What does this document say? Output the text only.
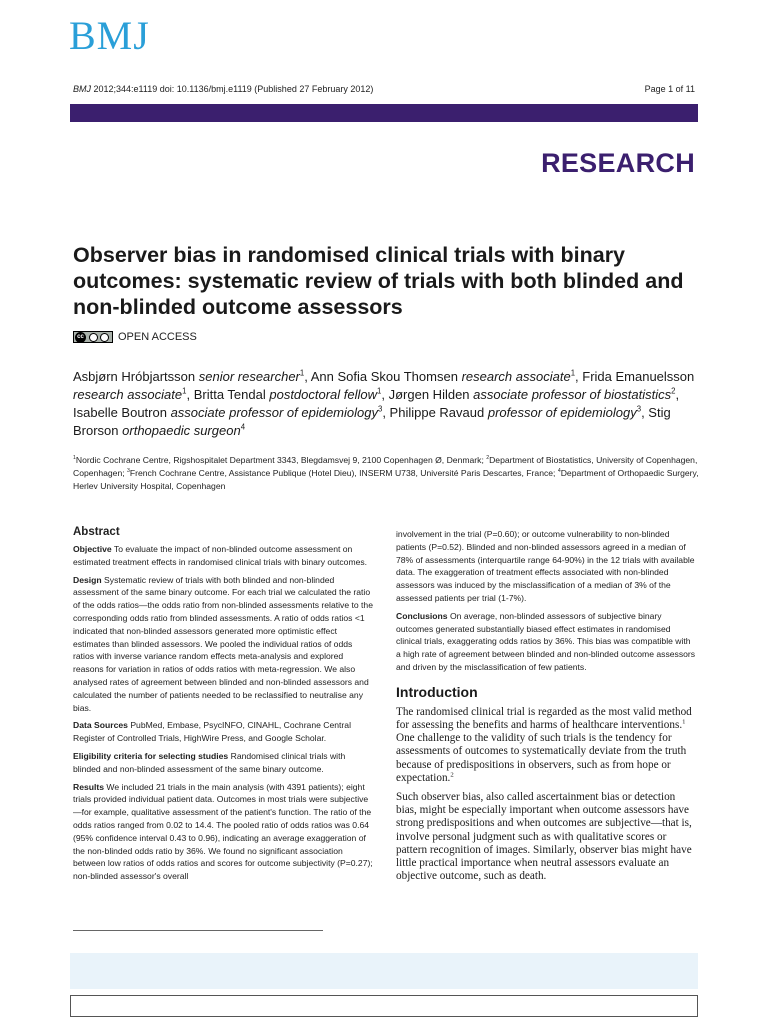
BMJ
BMJ 2012;344:e1119 doi: 10.1136/bmj.e1119 (Published 27 February 2012)	Page 1 of 11
RESEARCH
Observer bias in randomised clinical trials with binary outcomes: systematic review of trials with both blinded and non-blinded outcome assessors
cc	OPEN ACCESS
Asbjørn Hróbjartsson senior researcher$^1$, Ann Sofia Skou Thomsen research associate$^1$, Frida Emanuelsson research associate$^1$, Britta Tendal postdoctoral fellow$^1$, Jørgen Hilden associate professor of biostatistics$^2$, Isabelle Boutron associate professor of epidemiology$^3$, Philippe Ravaud professor of epidemiology$^3$, Stig Brorson orthopaedic surgeon$^4$
$^1$Nordic Cochrane Centre, Rigshospitalet Department 3343, Blegdamsvej 9, 2100 Copenhagen Ø, Denmark; $^2$Department of Biostatistics, University of Copenhagen, Copenhagen; $^3$French Cochrane Centre, Assistance Publique (Hotel Dieu), INSERM U738, Université Paris Descartes, France; $^4$Department of Orthopaedic Surgery, Herlev University Hospital, Copenhagen
Abstract

Objective To evaluate the impact of non-blinded outcome assessment on estimated treatment effects in randomised clinical trials with binary outcomes.

Design Systematic review of trials with both blinded and non-blinded assessment of the same binary outcome. For each trial we calculated the ratio of the odds ratios—the odds ratio from non-blinded assessments relative to the corresponding odds ratio from blinded assessments. A ratio of odds ratios <1 indicated that non-blinded assessors generated more optimistic effect estimates than blinded assessors. We pooled the individual ratios of odds ratios with inverse variance random effects meta-analysis and explored reasons for variation in ratios of odds ratios with meta-regression. We also analysed rates of agreement between blinded and non-blinded assessors and calculated the number of patients needed to be reclassified to neutralise any bias.

Data Sources PubMed, Embase, PsycINFO, CINAHL, Cochrane Central Register of Controlled Trials, HighWire Press, and Google Scholar.

Eligibility criteria for selecting studies Randomised clinical trials with blinded and non-blinded assessment of the same binary outcome.

Results We included 21 trials in the main analysis (with 4391 patients); eight trials provided individual patient data. Outcomes in most trials were subjective—for example, qualitative assessment of the patient's function. The ratio of the odds ratios ranged from 0.02 to 14.4. The pooled ratio of odds ratios was 0.64 (95% confidence interval 0.43 to 0.96), indicating an average exaggeration of the non-blinded odds ratio by 36%. We found no significant association between low ratios of odds ratios and scores for outcome subjectivity (P=0.27); non-blinded assessor's overall

involvement in the trial (P=0.60); or outcome vulnerability to non-blinded patients (P=0.52). Blinded and non-blinded assessors agreed in a median of 78% of assessments (interquartile range 64-90%) in the 12 trials with available data. The exaggeration of treatment effects associated with non-blinded assessors was induced by the misclassification of a median of 3% of the assessed patients per trial (1-7%).

Conclusions On average, non-blinded assessors of subjective binary outcomes generated substantially biased effect estimates in randomised clinical trials, exaggerating odds ratios by 36%. This bias was compatible with a high rate of agreement between blinded and non-blinded outcome assessors and driven by the misclassification of few patients.

Introduction

The randomised clinical trial is regarded as the most valid method for assessing the benefits and harms of healthcare interventions.$^1$ One challenge to the validity of such trials is the tendency for assessments of outcomes to systematically deviate from the truth because of predispositions in observers, such as from hope or expectation.$^2$

Such observer bias, also called ascertainment bias or detection bias, might be especially important when outcome assessors have strong predispositions and when outcomes are subjective—that is, involve personal judgment such as with qualitative scores or pattern recognition of images. Similarly, observer bias might have little practical importance when neutral assessors evaluate an objective outcome, such as death.
